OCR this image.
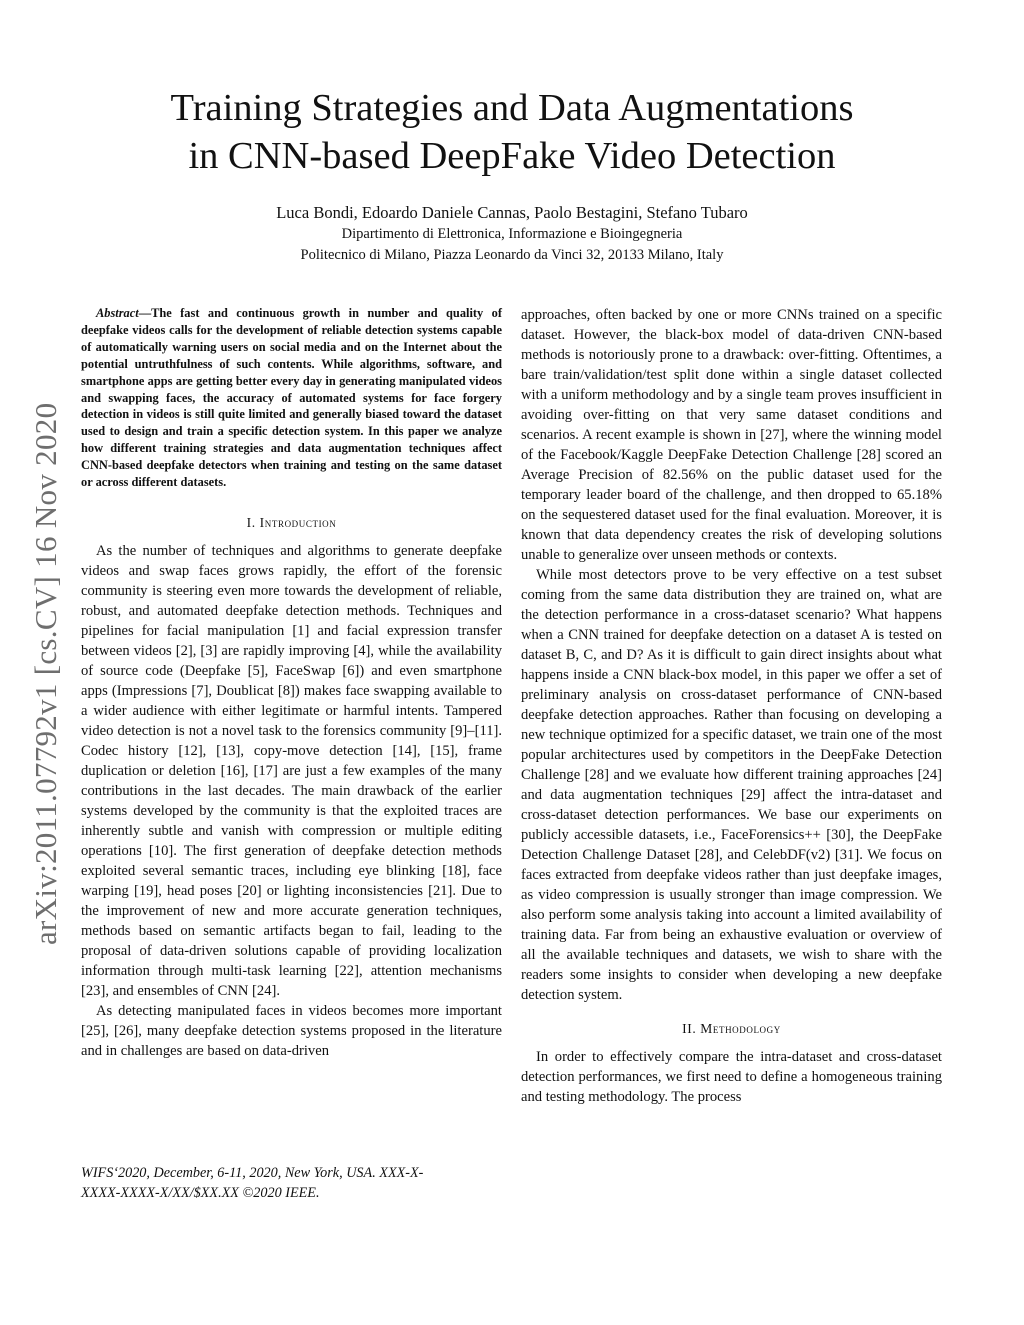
arXiv:2011.07792v1 [cs.CV] 16 Nov 2020
Training Strategies and Data Augmentations
in CNN-based DeepFake Video Detection
Luca Bondi, Edoardo Daniele Cannas, Paolo Bestagini, Stefano Tubaro
Dipartimento di Elettronica, Informazione e Bioingegneria
Politecnico di Milano, Piazza Leonardo da Vinci 32, 20133 Milano, Italy

Abstract—The fast and continuous growth in number and quality of deepfake videos calls for the development of reliable detection systems capable of automatically warning users on social media and on the Internet about the potential untruthfulness of such contents. While algorithms, software, and smartphone apps are getting better every day in generating manipulated videos and swapping faces, the accuracy of automated systems for face forgery detection in videos is still quite limited and generally biased toward the dataset used to design and train a specific detection system. In this paper we analyze how different training strategies and data augmentation techniques affect CNN-based deepfake detectors when training and testing on the same dataset or across different datasets.

I. Introduction

As the number of techniques and algorithms to generate deepfake videos and swap faces grows rapidly, the effort of the forensic community is steering even more towards the development of reliable, robust, and automated deepfake detection methods. Techniques and pipelines for facial manipulation [1] and facial expression transfer between videos [2], [3] are rapidly improving [4], while the availability of source code (Deepfake [5], FaceSwap [6]) and even smartphone apps (Impressions [7], Doublicat [8]) makes face swapping available to a wider audience with either legitimate or harmful intents. Tampered video detection is not a novel task to the forensics community [9]–[11]. Codec history [12], [13], copy-move detection [14], [15], frame duplication or deletion [16], [17] are just a few examples of the many contributions in the last decades. The main drawback of the earlier systems developed by the community is that the exploited traces are inherently subtle and vanish with compression or multiple editing operations [10]. The first generation of deepfake detection methods exploited several semantic traces, including eye blinking [18], face warping [19], head poses [20] or lighting inconsistencies [21]. Due to the improvement of new and more accurate generation techniques, methods based on semantic artifacts began to fail, leading to the proposal of data-driven solutions capable of providing localization information through multi-task learning [22], attention mechanisms [23], and ensembles of CNN [24].

As detecting manipulated faces in videos becomes more important [25], [26], many deepfake detection systems proposed in the literature and in challenges are based on data-driven

approaches, often backed by one or more CNNs trained on a specific dataset. However, the black-box model of data-driven CNN-based methods is notoriously prone to a drawback: over-fitting. Oftentimes, a bare train/validation/test split done within a single dataset collected with a uniform methodology and by a single team proves insufficient in avoiding over-fitting on that very same dataset conditions and scenarios. A recent example is shown in [27], where the winning model of the Facebook/Kaggle DeepFake Detection Challenge [28] scored an Average Precision of 82.56% on the public dataset used for the temporary leader board of the challenge, and then dropped to 65.18% on the sequestered dataset used for the final evaluation. Moreover, it is known that data dependency creates the risk of developing solutions unable to generalize over unseen methods or contexts.

While most detectors prove to be very effective on a test subset coming from the same data distribution they are trained on, what are the detection performance in a cross-dataset scenario? What happens when a CNN trained for deepfake detection on a dataset A is tested on dataset B, C, and D? As it is difficult to gain direct insights about what happens inside a CNN black-box model, in this paper we offer a set of preliminary analysis on cross-dataset performance of CNN-based deepfake detection approaches. Rather than focusing on developing a new technique optimized for a specific dataset, we train one of the most popular architectures used by competitors in the DeepFake Detection Challenge [28] and we evaluate how different training approaches [24] and data augmentation techniques [29] affect the intra-dataset and cross-dataset detection performances. We base our experiments on publicly accessible datasets, i.e., FaceForensics++ [30], the DeepFake Detection Challenge Dataset [28], and CelebDF(v2) [31]. We focus on faces extracted from deepfake videos rather than just deepfake images, as video compression is usually stronger than image compression. We also perform some analysis taking into account a limited availability of training data. Far from being an exhaustive evaluation or overview of all the available techniques and datasets, we wish to share with the readers some insights to consider when developing a new deepfake detection system.

II. Methodology

In order to effectively compare the intra-dataset and cross-dataset detection performances, we first need to define a homogeneous training and testing methodology. The process

WIFS‘2020, December, 6-11, 2020, New York, USA. XXX-X-
XXXX-XXXX-X/XX/$XX.XX ©2020 IEEE.
